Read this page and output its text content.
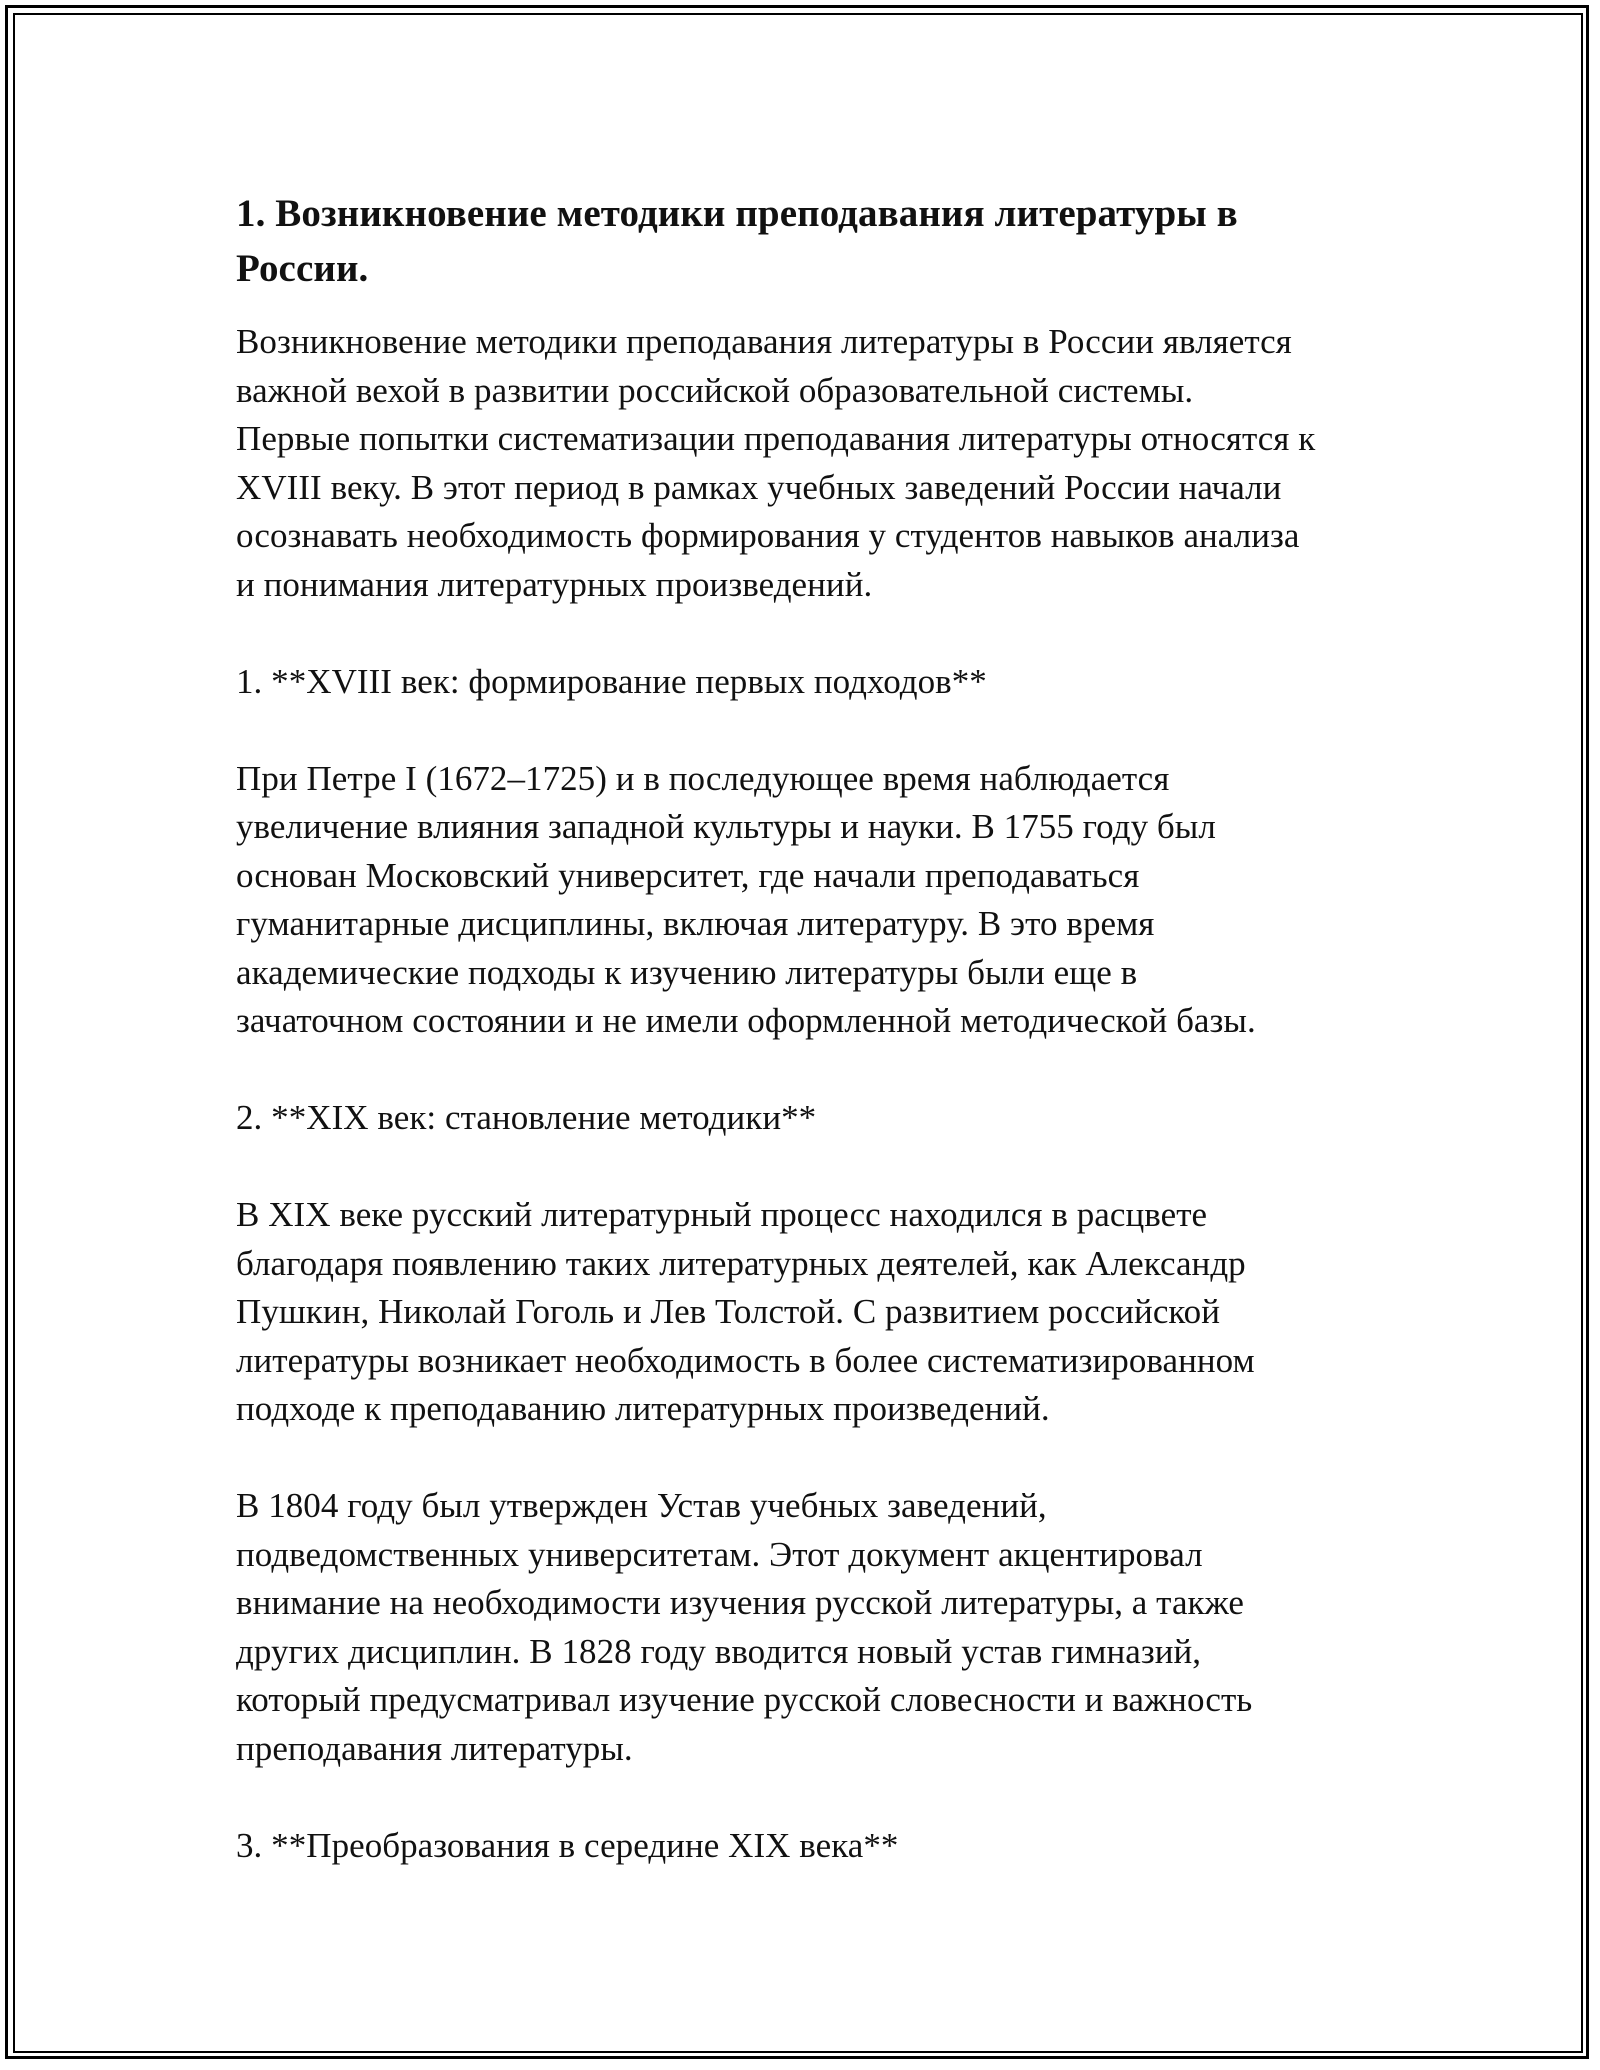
1. Возникновение методики преподавания литературы в
России.

Возникновение методики преподавания литературы в России является
важной вехой в развитии российской образовательной системы.
Первые попытки систематизации преподавания литературы относятся к
XVIII веку. В этот период в рамках учебных заведений России начали
осознавать необходимость формирования у студентов навыков анализа
и понимания литературных произведений.

1. **XVIII век: формирование первых подходов**

При Петре I (1672–1725) и в последующее время наблюдается
увеличение влияния западной культуры и науки. В 1755 году был
основан Московский университет, где начали преподаваться
гуманитарные дисциплины, включая литературу. В это время
академические подходы к изучению литературы были еще в
зачаточном состоянии и не имели оформленной методической базы.

2. **XIX век: становление методики**

В XIX веке русский литературный процесс находился в расцвете
благодаря появлению таких литературных деятелей, как Александр
Пушкин, Николай Гоголь и Лев Толстой. С развитием российской
литературы возникает необходимость в более систематизированном
подходе к преподаванию литературных произведений.

В 1804 году был утвержден Устав учебных заведений,
подведомственных университетам. Этот документ акцентировал
внимание на необходимости изучения русской литературы, а также
других дисциплин. В 1828 году вводится новый устав гимназий,
который предусматривал изучение русской словесности и важность
преподавания литературы.

3. **Преобразования в середине XIX века**
